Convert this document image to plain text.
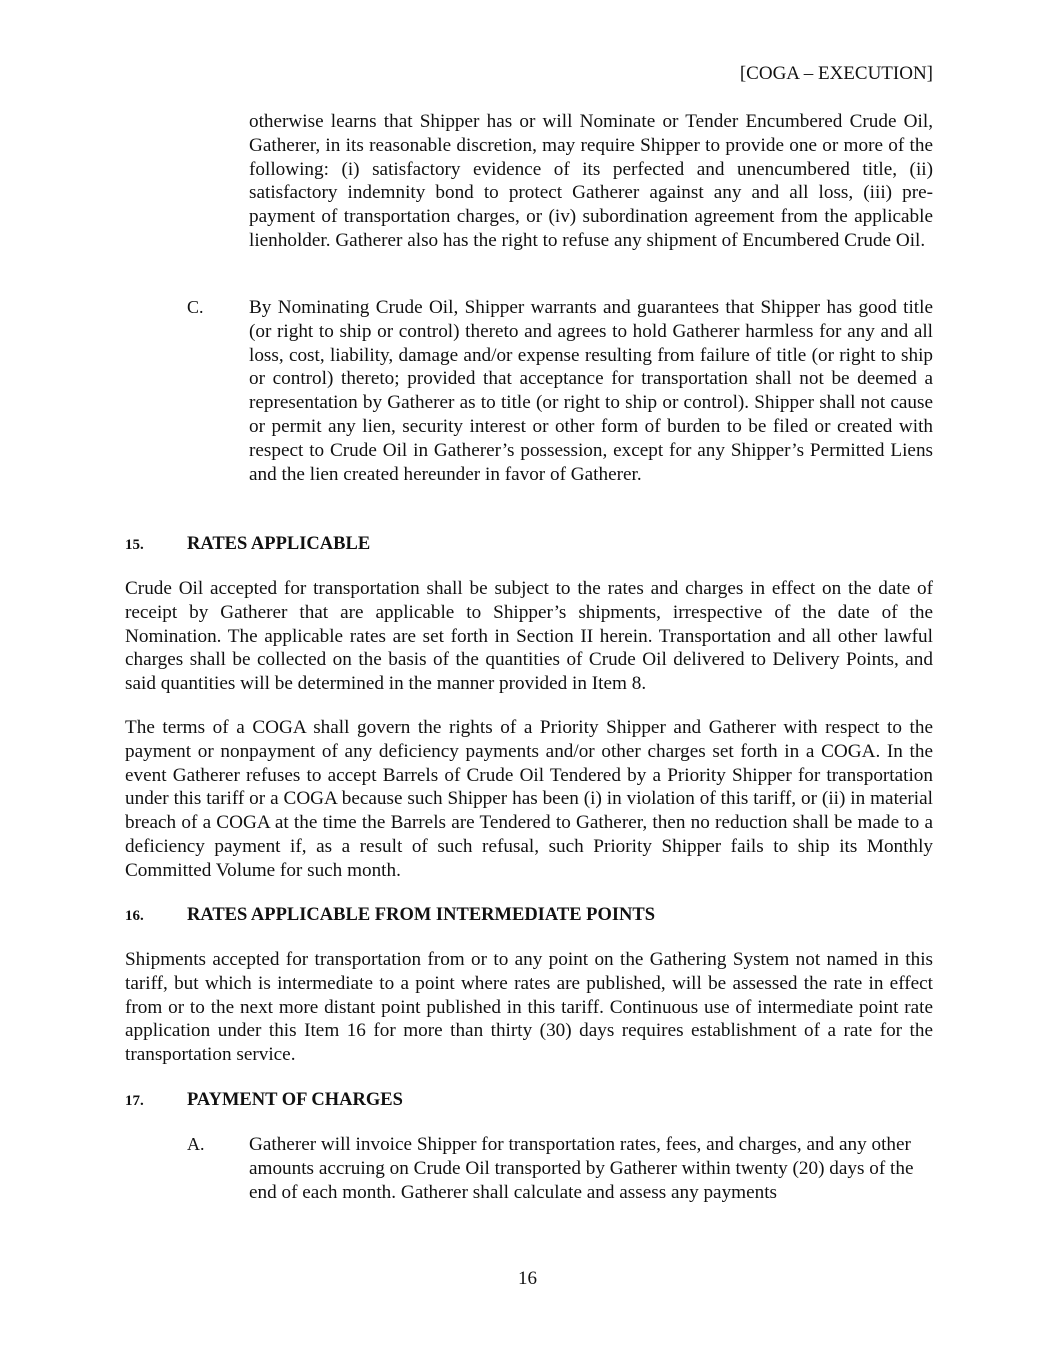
[COGA – EXECUTION]
otherwise learns that Shipper has or will Nominate or Tender Encumbered Crude Oil, Gatherer, in its reasonable discretion, may require Shipper to provide one or more of the following: (i) satisfactory evidence of its perfected and unencumbered title, (ii) satisfactory indemnity bond to protect Gatherer against any and all loss, (iii) pre-payment of transportation charges, or (iv) subordination agreement from the applicable lienholder. Gatherer also has the right to refuse any shipment of Encumbered Crude Oil.
C. By Nominating Crude Oil, Shipper warrants and guarantees that Shipper has good title (or right to ship or control) thereto and agrees to hold Gatherer harmless for any and all loss, cost, liability, damage and/or expense resulting from failure of title (or right to ship or control) thereto; provided that acceptance for transportation shall not be deemed a representation by Gatherer as to title (or right to ship or control). Shipper shall not cause or permit any lien, security interest or other form of burden to be filed or created with respect to Crude Oil in Gatherer’s possession, except for any Shipper’s Permitted Liens and the lien created hereunder in favor of Gatherer.
15. RATES APPLICABLE
Crude Oil accepted for transportation shall be subject to the rates and charges in effect on the date of receipt by Gatherer that are applicable to Shipper’s shipments, irrespective of the date of the Nomination. The applicable rates are set forth in Section II herein. Transportation and all other lawful charges shall be collected on the basis of the quantities of Crude Oil delivered to Delivery Points, and said quantities will be determined in the manner provided in Item 8.
The terms of a COGA shall govern the rights of a Priority Shipper and Gatherer with respect to the payment or nonpayment of any deficiency payments and/or other charges set forth in a COGA. In the event Gatherer refuses to accept Barrels of Crude Oil Tendered by a Priority Shipper for transportation under this tariff or a COGA because such Shipper has been (i) in violation of this tariff, or (ii) in material breach of a COGA at the time the Barrels are Tendered to Gatherer, then no reduction shall be made to a deficiency payment if, as a result of such refusal, such Priority Shipper fails to ship its Monthly Committed Volume for such month.
16. RATES APPLICABLE FROM INTERMEDIATE POINTS
Shipments accepted for transportation from or to any point on the Gathering System not named in this tariff, but which is intermediate to a point where rates are published, will be assessed the rate in effect from or to the next more distant point published in this tariff. Continuous use of intermediate point rate application under this Item 16 for more than thirty (30) days requires establishment of a rate for the transportation service.
17. PAYMENT OF CHARGES
A. Gatherer will invoice Shipper for transportation rates, fees, and charges, and any other amounts accruing on Crude Oil transported by Gatherer within twenty (20) days of the end of each month. Gatherer shall calculate and assess any payments
16
